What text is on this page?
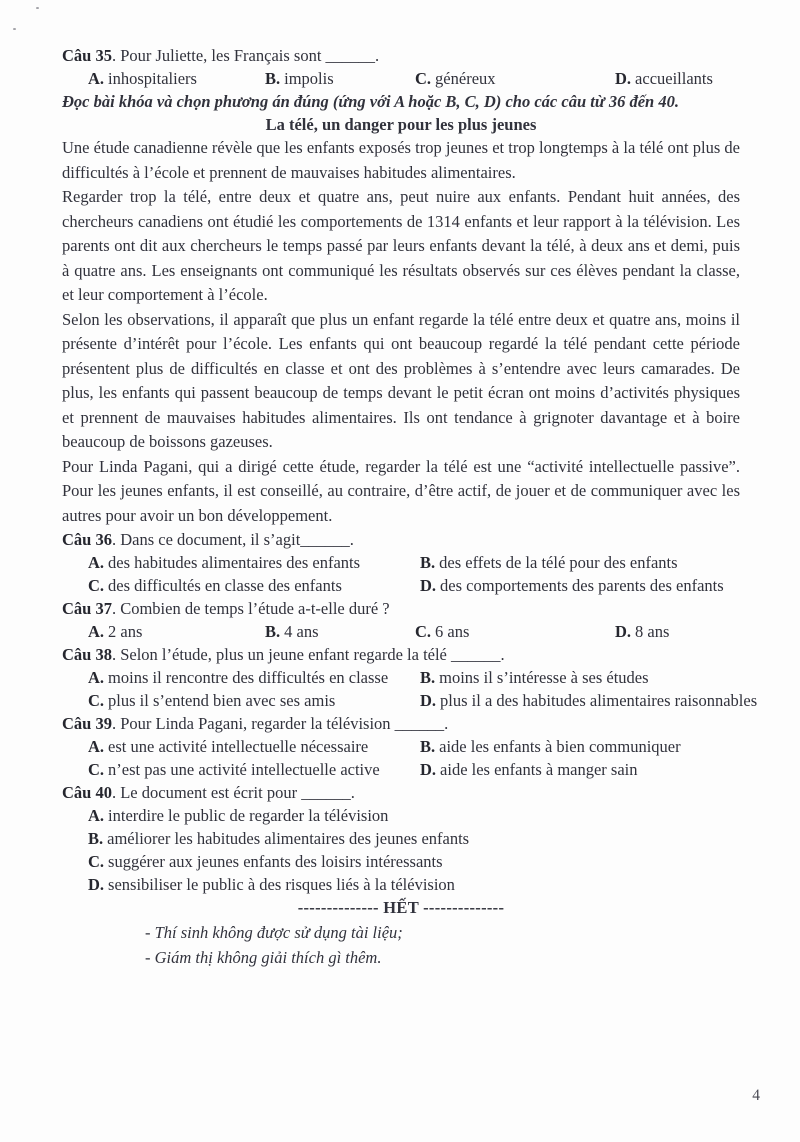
Câu 35. Pour Juliette, les Français sont ______.

A. inhospitaliers	B. impolis	C. généreux	D. accueillants

Đọc bài khóa và chọn phương án đúng (ứng với A hoặc B, C, D) cho các câu từ 36 đến 40.

La télé, un danger pour les plus jeunes

Une étude canadienne révèle que les enfants exposés trop jeunes et trop longtemps à la télé ont plus de difficultés à l’école et prennent de mauvaises habitudes alimentaires.

Regarder trop la télé, entre deux et quatre ans, peut nuire aux enfants. Pendant huit années, des chercheurs canadiens ont étudié les comportements de 1314 enfants et leur rapport à la télévision. Les parents ont dit aux chercheurs le temps passé par leurs enfants devant la télé, à deux ans et demi, puis à quatre ans. Les enseignants ont communiqué les résultats observés sur ces élèves pendant la classe, et leur comportement à l’école.

Selon les observations, il apparaît que plus un enfant regarde la télé entre deux et quatre ans, moins il présente d’intérêt pour l’école. Les enfants qui ont beaucoup regardé la télé pendant cette période présentent plus de difficultés en classe et ont des problèmes à s’entendre avec leurs camarades. De plus, les enfants qui passent beaucoup de temps devant le petit écran ont moins d’activités physiques et prennent de mauvaises habitudes alimentaires. Ils ont tendance à grignoter davantage et à boire beaucoup de boissons gazeuses.

Pour Linda Pagani, qui a dirigé cette étude, regarder la télé est une “activité intellectuelle passive”. Pour les jeunes enfants, il est conseillé, au contraire, d’être actif, de jouer et de communiquer avec les autres pour avoir un bon développement.

Câu 36. Dans ce document, il s’agit______.

A. des habitudes alimentaires des enfants	B. des effets de la télé pour des enfants
C. des difficultés en classe des enfants	D. des comportements des parents des enfants

Câu 37. Combien de temps l’étude a-t-elle duré ?

A. 2 ans	B. 4 ans	C. 6 ans	D. 8 ans

Câu 38. Selon l’étude, plus un jeune enfant regarde la télé ______.

A. moins il rencontre des difficultés en classe	B. moins il s’intéresse à ses études
C. plus il s’entend bien avec ses amis	D. plus il a des habitudes alimentaires raisonnables

Câu 39. Pour Linda Pagani, regarder la télévision ______.

A. est une activité intellectuelle nécessaire	B. aide les enfants à bien communiquer
C. n’est pas une activité intellectuelle active	D. aide les enfants à manger sain

Câu 40. Le document est écrit pour ______.

A. interdire le public de regarder la télévision
B. améliorer les habitudes alimentaires des jeunes enfants
C. suggérer aux jeunes enfants des loisirs intéressants
D. sensibiliser le public à des risques liés à la télévision

-------------- HẾT --------------

- Thí sinh không được sử dụng tài liệu;

- Giám thị không giải thích gì thêm.

4
